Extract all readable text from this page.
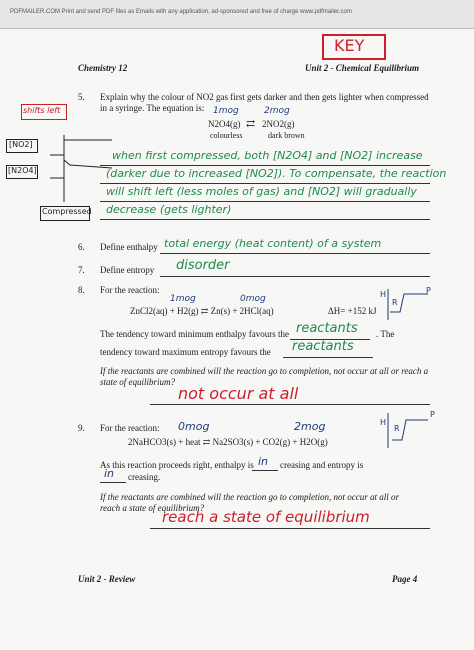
PDFMAILER.COM Print and send PDF files as Emails with any application, ad-sponsored and free of charge www.pdfmailer.com
KEY
Chemistry 12	Unit 2 - Chemical Equilibrium
5. Explain why the colour of NO2 gas first gets darker and then gets lighter when compressed
in a syringe. The equation is: 1mog	2mog
N2O4(g) ⇄ 2NO2(g)
colourless	dark brown
shifts left
[NO2]
[N2O4]
Compressed
when first compressed, both [N2O4] and [NO2] increase
(darker due to increased [NO2]). To compensate, the reaction
will shift left (less moles of gas) and [NO2] will gradually
decrease (gets lighter)
6. Define enthalpy total energy (heat content) of a system
7. Define entropy disorder
8. For the reaction:
1mog	0mog
ZnCl2(aq) + H2(g) ⇄ Zn(s) + 2HCl(aq)	ΔH= +152 kJ
H
R
P
The tendency toward minimum enthalpy favours the reactants . The
tendency toward maximum entropy favours the reactants
If the reactants are combined will the reaction go to completion, not occur at all or reach a
state of equilibrium?
not occur at all
9. For the reaction: 0mog	2mog
2NaHCO3(s) + heat ⇄ Na2SO3(s) + CO2(g) + H2O(g)
H
R
P
As this reaction proceeds right, enthalpy is in creasing and entropy is
in creasing.
If the reactants are combined will the reaction go to completion, not occur at all or
reach a state of equilibrium?
reach a state of equilibrium
Unit 2 - Review	Page 4
